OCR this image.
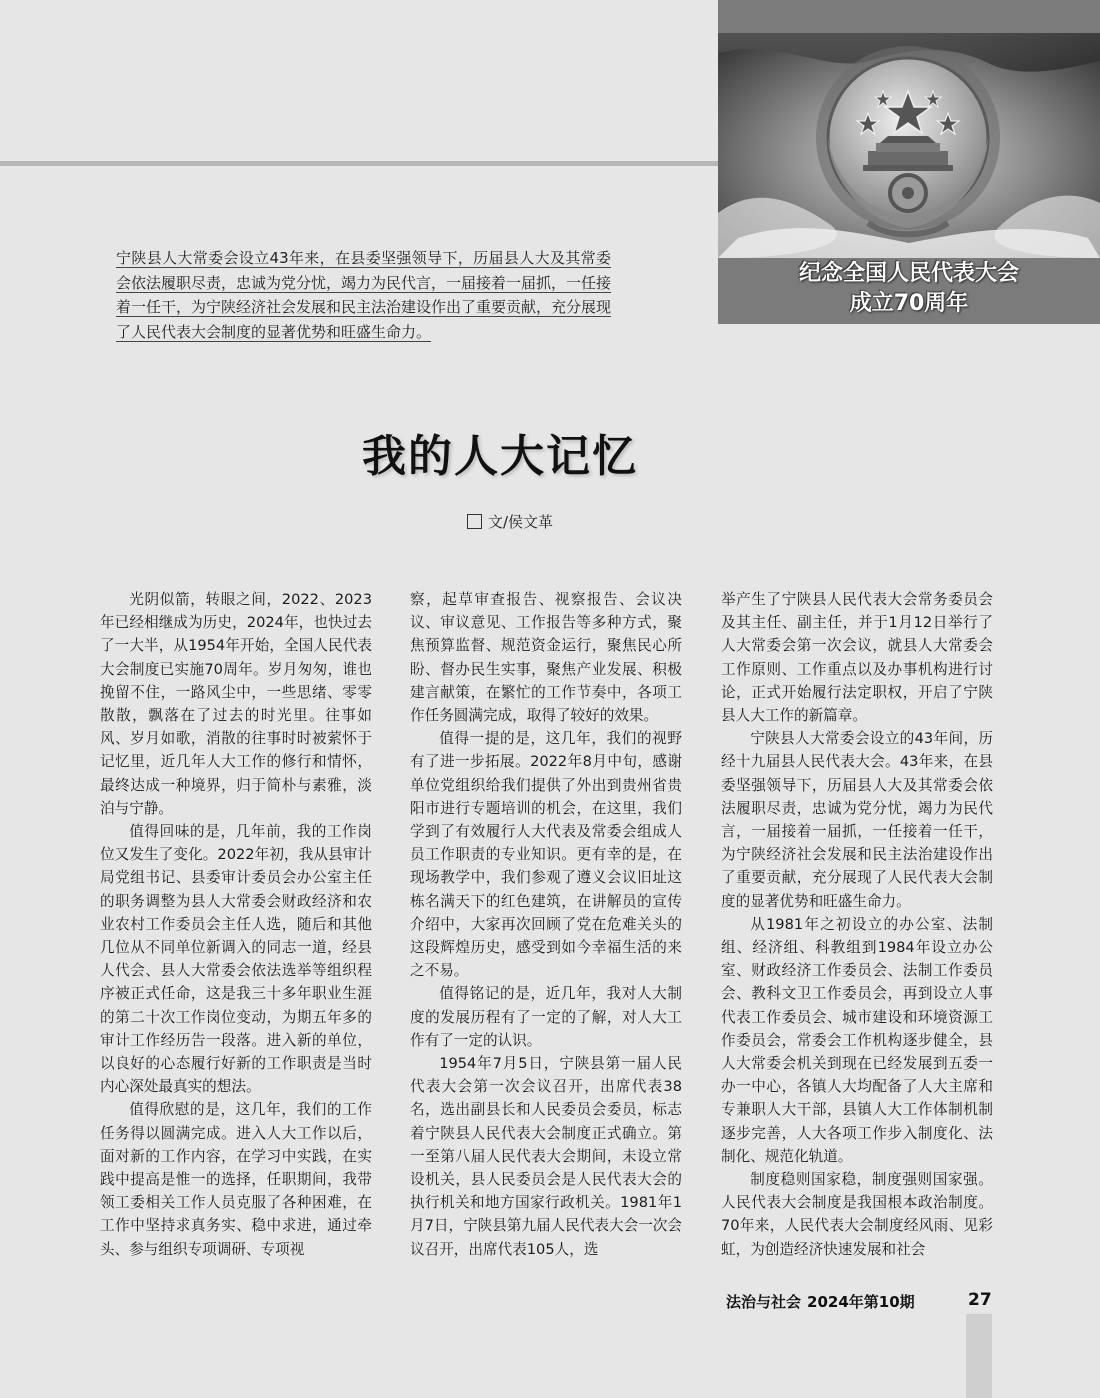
纪念全国人民代表大会
成立70周年
宁陕县人大常委会设立43年来，在县委坚强领导下，历届县人大及其常委会依法履职尽责，忠诚为党分忧，竭力为民代言，一届接着一届抓，一任接着一任干，为宁陕经济社会发展和民主法治建设作出了重要贡献，充分展现了人民代表大会制度的显著优势和旺盛生命力。
我的人大记忆
文/侯文革

光阴似箭，转眼之间，2022、2023年已经相继成为历史，2024年，也快过去了一大半，从1954年开始，全国人民代表大会制度已实施70周年。岁月匆匆，谁也挽留不住，一路风尘中，一些思绪、零零散散，飘落在了过去的时光里。往事如风、岁月如歌，消散的往事时时被萦怀于记忆里，近几年人大工作的修行和情怀，最终达成一种境界，归于简朴与素雅，淡泊与宁静。

值得回味的是，几年前，我的工作岗位又发生了变化。2022年初，我从县审计局党组书记、县委审计委员会办公室主任的职务调整为县人大常委会财政经济和农业农村工作委员会主任人选，随后和其他几位从不同单位新调入的同志一道，经县人代会、县人大常委会依法选举等组织程序被正式任命，这是我三十多年职业生涯的第二十次工作岗位变动，为期五年多的审计工作经历告一段落。进入新的单位，以良好的心态履行好新的工作职责是当时内心深处最真实的想法。

值得欣慰的是，这几年，我们的工作任务得以圆满完成。进入人大工作以后，面对新的工作内容，在学习中实践，在实践中提高是惟一的选择，任职期间，我带领工委相关工作人员克服了各种困难，在工作中坚持求真务实、稳中求进，通过牵头、参与组织专项调研、专项视

察，起草审查报告、视察报告、会议决议、审议意见、工作报告等多种方式，聚焦预算监督、规范资金运行，聚焦民心所盼、督办民生实事，聚焦产业发展、积极建言献策，在繁忙的工作节奏中，各项工作任务圆满完成，取得了较好的效果。

值得一提的是，这几年，我们的视野有了进一步拓展。2022年8月中旬，感谢单位党组织给我们提供了外出到贵州省贵阳市进行专题培训的机会，在这里，我们学到了有效履行人大代表及常委会组成人员工作职责的专业知识。更有幸的是，在现场教学中，我们参观了遵义会议旧址这栋名满天下的红色建筑，在讲解员的宣传介绍中，大家再次回顾了党在危难关头的这段辉煌历史，感受到如今幸福生活的来之不易。

值得铭记的是，近几年，我对人大制度的发展历程有了一定的了解，对人大工作有了一定的认识。

1954年7月5日，宁陕县第一届人民代表大会第一次会议召开，出席代表38名，选出副县长和人民委员会委员，标志着宁陕县人民代表大会制度正式确立。第一至第八届人民代表大会期间，未设立常设机关，县人民委员会是人民代表大会的执行机关和地方国家行政机关。1981年1月7日，宁陕县第九届人民代表大会一次会议召开，出席代表105人，选

举产生了宁陕县人民代表大会常务委员会及其主任、副主任，并于1月12日举行了人大常委会第一次会议，就县人大常委会工作原则、工作重点以及办事机构进行讨论，正式开始履行法定职权，开启了宁陕县人大工作的新篇章。

宁陕县人大常委会设立的43年间，历经十九届县人民代表大会。43年来，在县委坚强领导下，历届县人大及其常委会依法履职尽责，忠诚为党分忧，竭力为民代言，一届接着一届抓，一任接着一任干，为宁陕经济社会发展和民主法治建设作出了重要贡献，充分展现了人民代表大会制度的显著优势和旺盛生命力。

从1981年之初设立的办公室、法制组、经济组、科教组到1984年设立办公室、财政经济工作委员会、法制工作委员会、教科文卫工作委员会，再到设立人事代表工作委员会、城市建设和环境资源工作委员会，常委会工作机构逐步健全，县人大常委会机关到现在已经发展到五委一办一中心，各镇人大均配备了人大主席和专兼职人大干部，县镇人大工作体制机制逐步完善，人大各项工作步入制度化、法制化、规范化轨道。

制度稳则国家稳，制度强则国家强。人民代表大会制度是我国根本政治制度。70年来，人民代表大会制度经风雨、见彩虹，为创造经济快速发展和社会

法治与社会 2024年第10期	27
